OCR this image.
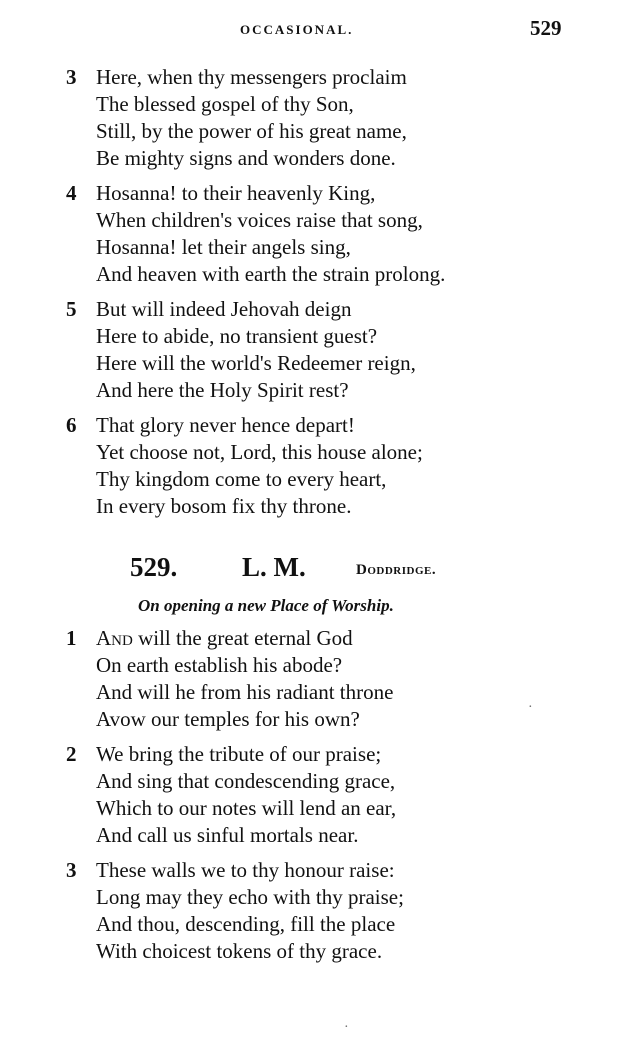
OCCASIONAL.	529
3 Here, when thy messengers proclaim
The blessed gospel of thy Son,
Still, by the power of his great name,
Be mighty signs and wonders done.
4 Hosanna! to their heavenly King,
When children's voices raise that song,
Hosanna! let their angels sing,
And heaven with earth the strain prolong.
5 But will indeed Jehovah deign
Here to abide, no transient guest?
Here will the world's Redeemer reign,
And here the Holy Spirit rest?
6 That glory never hence depart!
Yet choose not, Lord, this house alone;
Thy kingdom come to every heart,
In every bosom fix thy throne.
529. L. M.	Doddridge.
On opening a new Place of Worship.
1 And will the great eternal God
On earth establish his abode?
And will he from his radiant throne
Avow our temples for his own?
2 We bring the tribute of our praise;
And sing that condescending grace,
Which to our notes will lend an ear,
And call us sinful mortals near.
3 These walls we to thy honour raise:
Long may they echo with thy praise;
And thou, descending, fill the place
With choicest tokens of thy grace.
·
·
